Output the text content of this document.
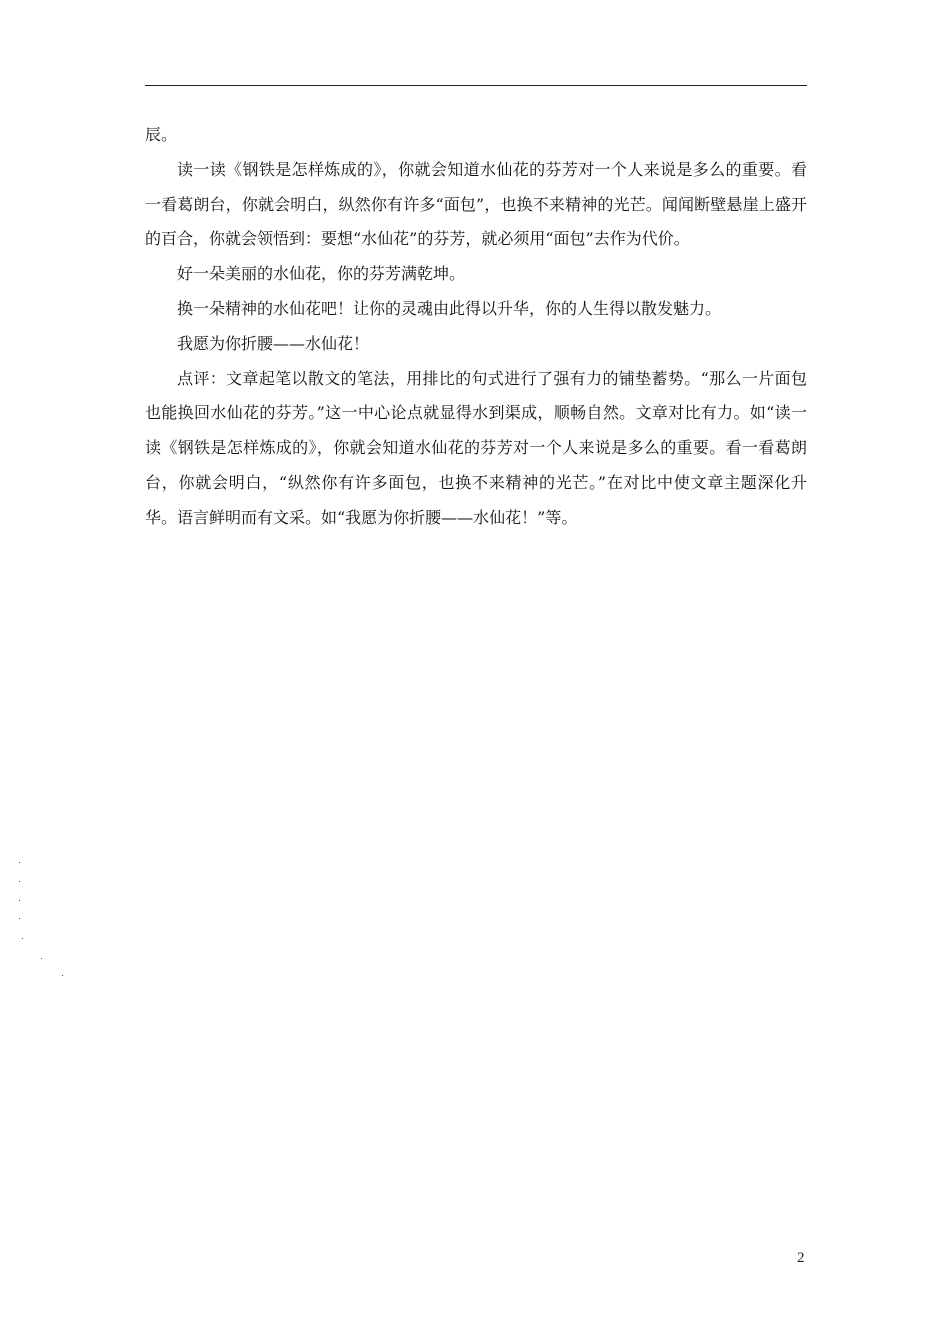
辰。

读一读《钢铁是怎样炼成的》，你就会知道水仙花的芬芳对一个人来说是多么的重要。看一看葛朗台，你就会明白，纵然你有许多“面包”，也换不来精神的光芒。闻闻断壁悬崖上盛开的百合，你就会领悟到：要想“水仙花”的芬芳，就必须用“面包”去作为代价。

好一朵美丽的水仙花，你的芬芳满乾坤。

换一朵精神的水仙花吧！让你的灵魂由此得以升华，你的人生得以散发魅力。

我愿为你折腰——水仙花！

点评：文章起笔以散文的笔法，用排比的句式进行了强有力的铺垫蓄势。“那么一片面包也能换回水仙花的芬芳。”这一中心论点就显得水到渠成，顺畅自然。文章对比有力。如“读一读《钢铁是怎样炼成的》，你就会知道水仙花的芬芳对一个人来说是多么的重要。看一看葛朗台，你就会明白，“纵然你有许多面包，也换不来精神的光芒。”在对比中使文章主题深化升华。语言鲜明而有文采。如“我愿为你折腰——水仙花！”等。

2
